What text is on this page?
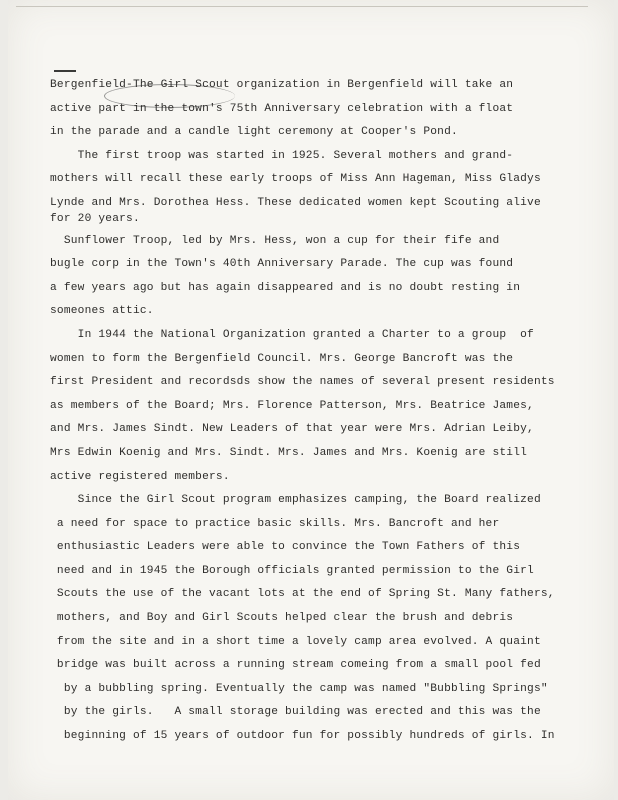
Bergenfield-The Girl Scout organization in Bergenfield will take an
active part in the town's 75th Anniversary celebration with a float
in the parade and a candle light ceremony at Cooper's Pond.
The first troop was started in 1925. Several mothers and grand-
mothers will recall these early troops of Miss Ann Hageman, Miss Gladys
Lynde and Mrs. Dorothea Hess. These dedicated women kept Scouting alive
for 20 years.
Sunflower Troop, led by Mrs. Hess, won a cup for their fife and
bugle corp in the Town's 40th Anniversary Parade. The cup was found
a few years ago but has again disappeared and is no doubt resting in
someones attic.
In 1944 the National Organization granted a Charter to a group  of
women to form the Bergenfield Council. Mrs. George Bancroft was the
first President and recordsds show the names of several present residents
as members of the Board; Mrs. Florence Patterson, Mrs. Beatrice James,
and Mrs. James Sindt. New Leaders of that year were Mrs. Adrian Leiby,
Mrs Edwin Koenig and Mrs. Sindt. Mrs. James and Mrs. Koenig are still
active registered members.
Since the Girl Scout program emphasizes camping, the Board realized
a need for space to practice basic skills. Mrs. Bancroft and her
enthusiastic Leaders were able to convince the Town Fathers of this
need and in 1945 the Borough officials granted permission to the Girl
Scouts the use of the vacant lots at the end of Spring St. Many fathers,
mothers, and Boy and Girl Scouts helped clear the brush and debris
from the site and in a short time a lovely camp area evolved. A quaint
bridge was built across a running stream comeing from a small pool fed
by a bubbling spring. Eventually the camp was named "Bubbling Springs"
by the girls.   A small storage building was erected and this was the
beginning of 15 years of outdoor fun for possibly hundreds of girls. In
